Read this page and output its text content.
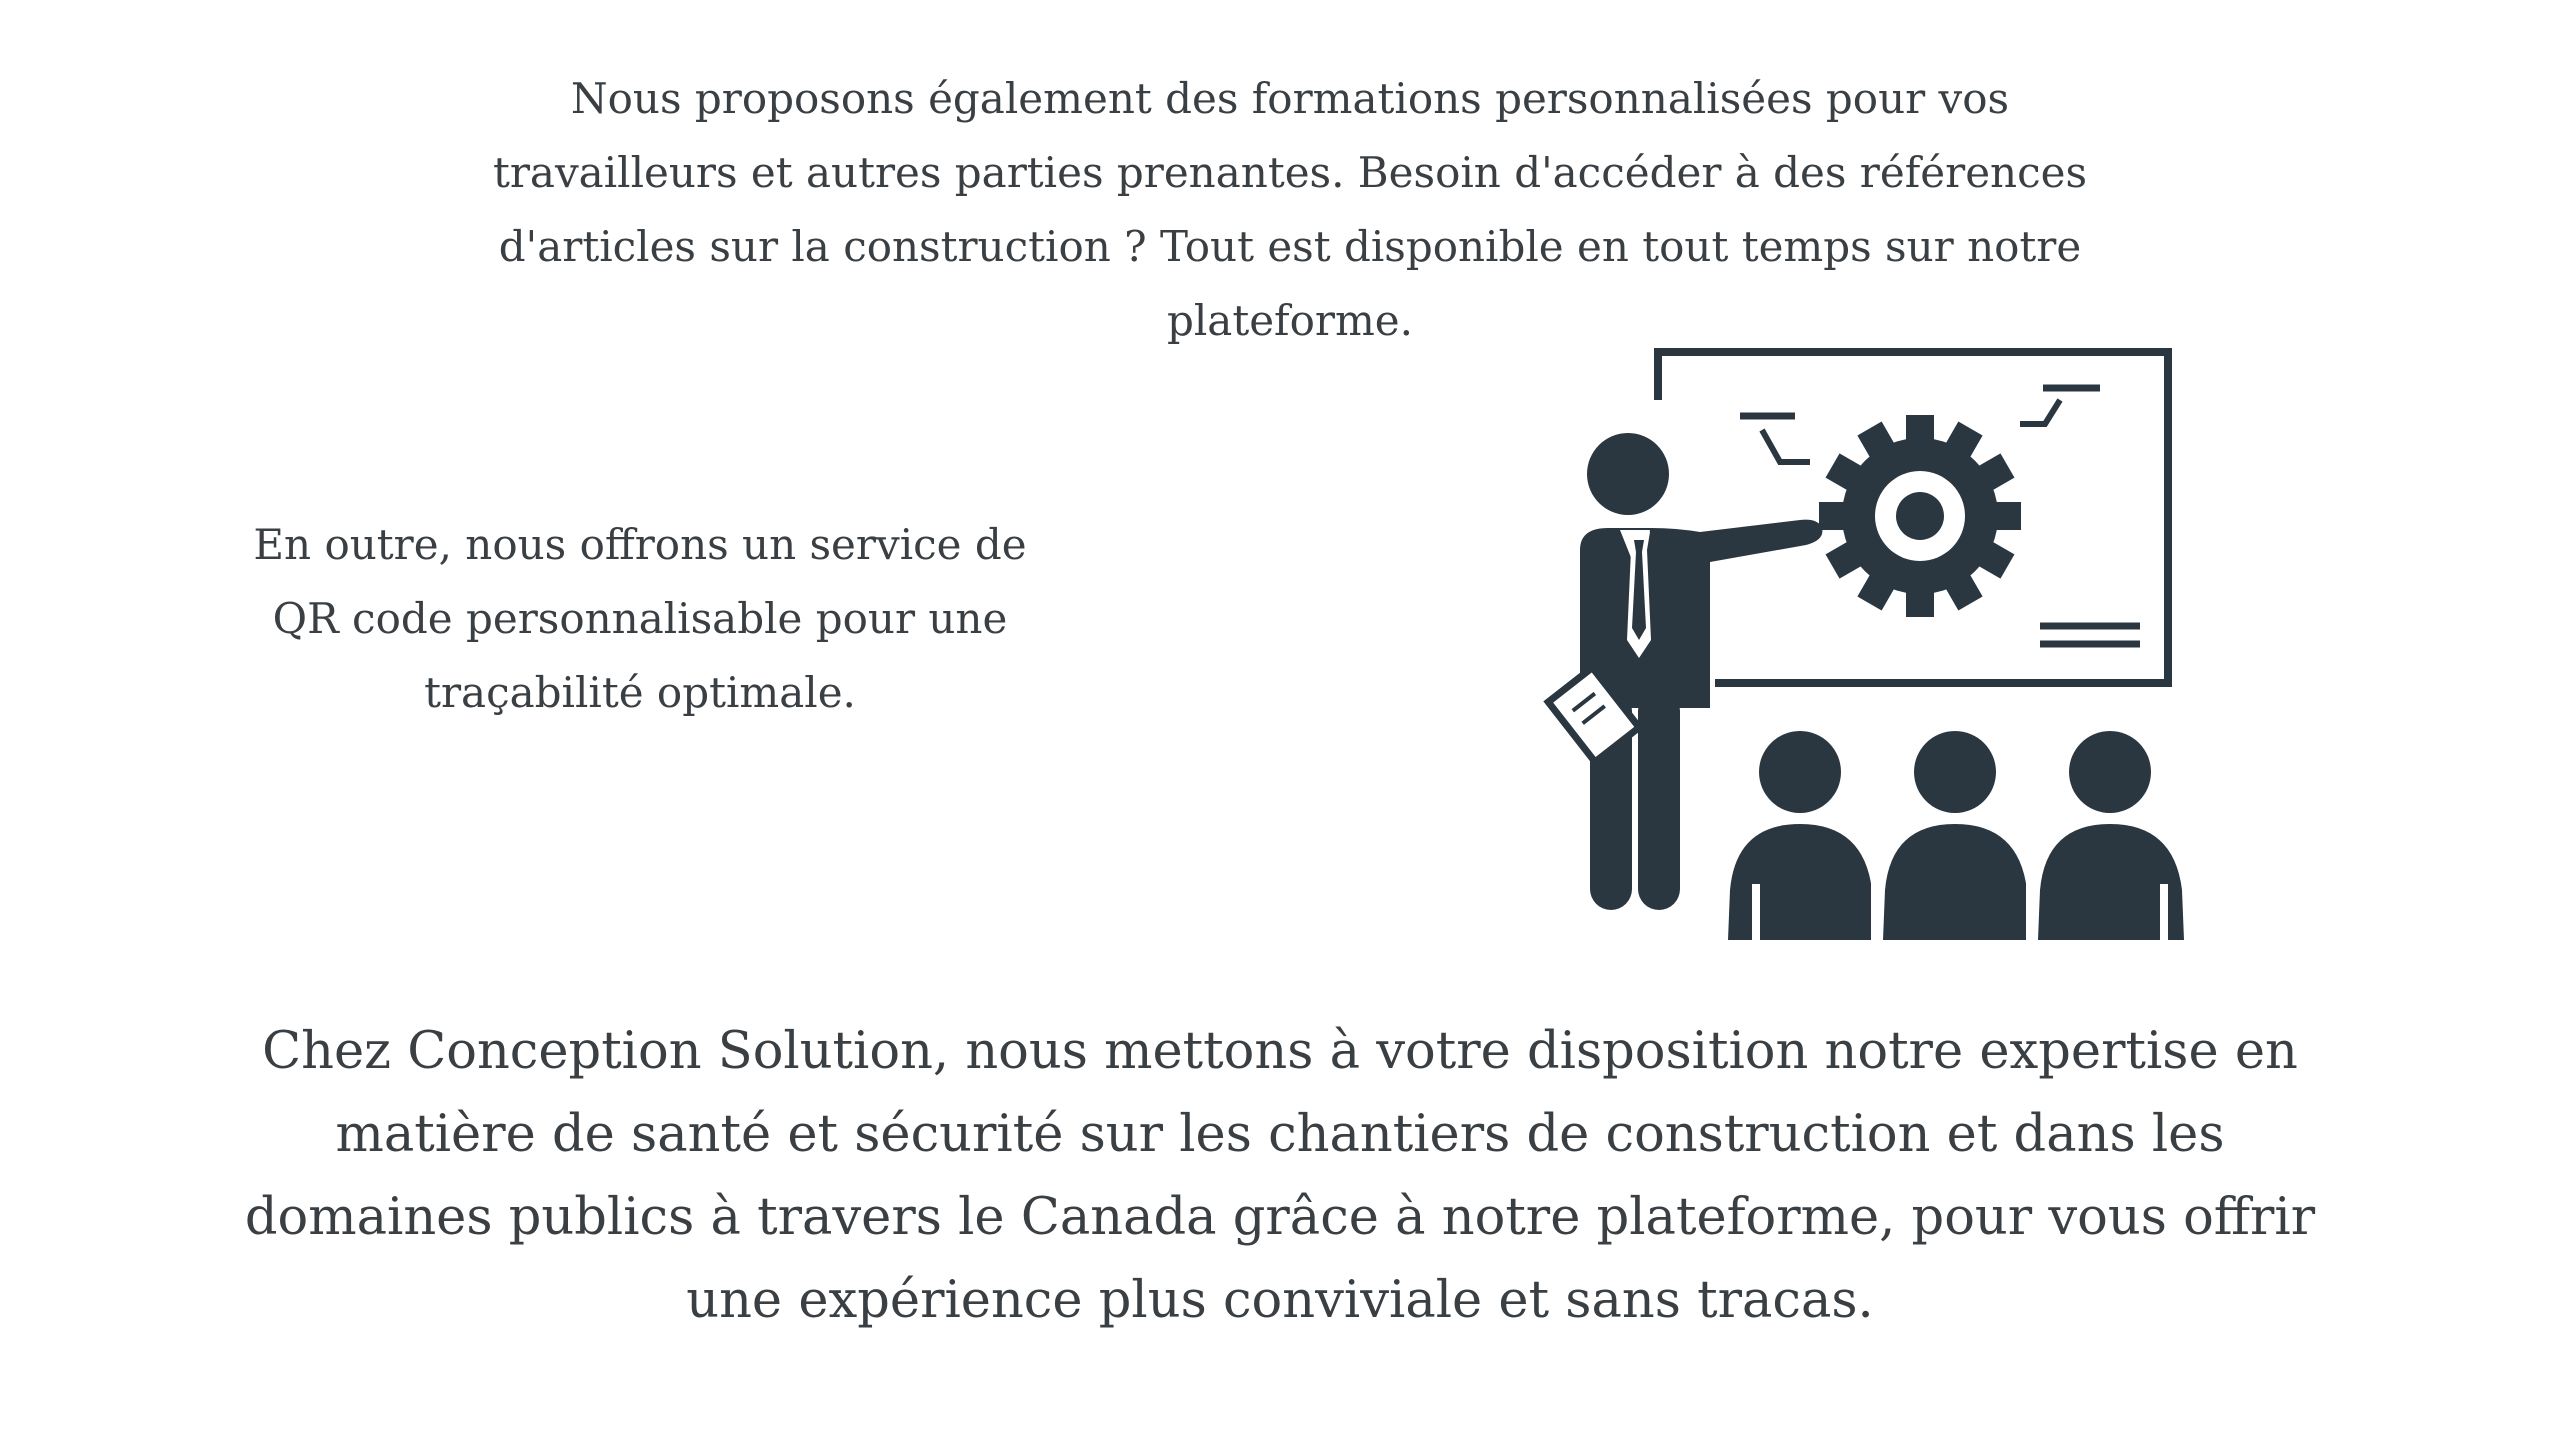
Nous proposons également des formations personnalisées pour vos travailleurs et autres parties prenantes. Besoin d'accéder à des références d'articles sur la construction ? Tout est disponible en tout temps sur notre plateforme.

En outre, nous offrons un service de QR code personnalisable pour une traçabilité optimale.

Chez Conception Solution, nous mettons à votre disposition notre expertise en matière de santé et sécurité sur les chantiers de construction et dans les domaines publics à travers le Canada grâce à notre plateforme, pour vous offrir une expérience plus conviviale et sans tracas.
